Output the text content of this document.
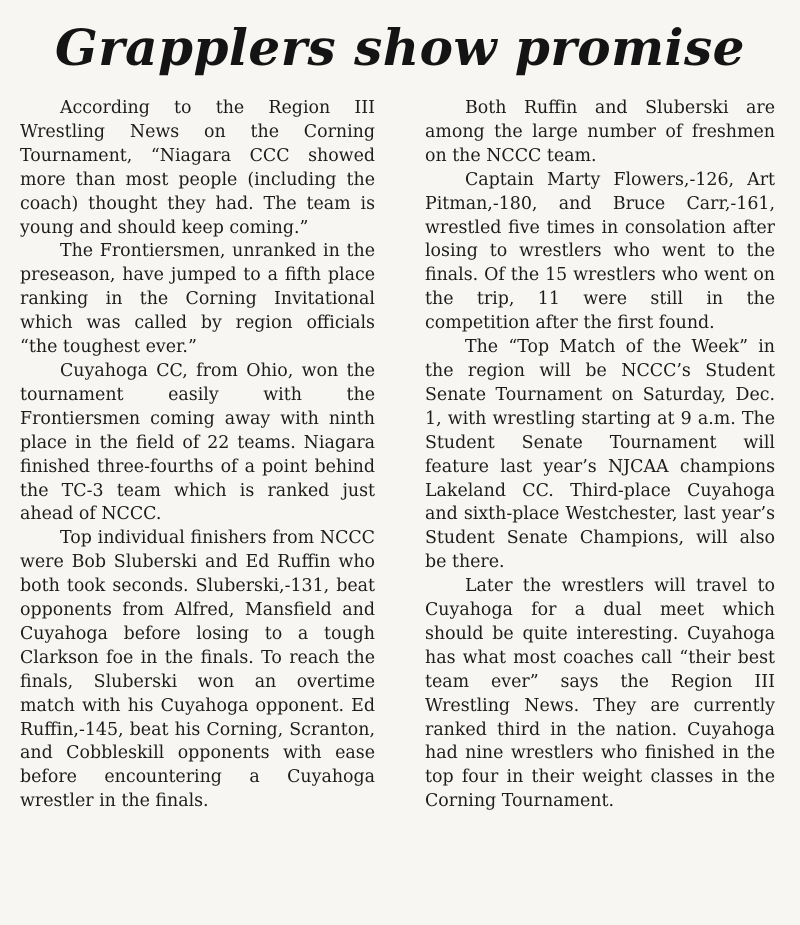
Grapplers show promise

According to the Region III Wrestling News on the Corning Tournament, “Niagara CCC showed more than most people (including the coach) thought they had. The team is young and should keep coming.”

The Frontiersmen, unranked in the preseason, have jumped to a fifth place ranking in the Corning Invitational which was called by region officials “the toughest ever.”

Cuyahoga CC, from Ohio, won the tournament easily with the Frontiersmen coming away with ninth place in the field of 22 teams. Niagara finished three-fourths of a point behind the TC-3 team which is ranked just ahead of NCCC.

Top individual finishers from NCCC were Bob Sluberski and Ed Ruffin who both took seconds. Sluberski,-131, beat opponents from Alfred, Mansfield and Cuyahoga before losing to a tough Clarkson foe in the finals. To reach the finals, Sluberski won an overtime match with his Cuyahoga opponent. Ed Ruffin,-145, beat his Corning, Scranton, and Cobbleskill opponents with ease before encountering a Cuyahoga wrestler in the finals.

Both Ruffin and Sluberski are among the large number of freshmen on the NCCC team.

Captain Marty Flowers,-126, Art Pitman,-180, and Bruce Carr,-161, wrestled five times in consolation after losing to wrestlers who went to the finals. Of the 15 wrestlers who went on the trip, 11 were still in the competition after the first found.

The “Top Match of the Week” in the region will be NCCC’s Student Senate Tournament on Saturday, Dec. 1, with wrestling starting at 9 a.m. The Student Senate Tournament will feature last year’s NJCAA champions Lakeland CC. Third-place Cuyahoga and sixth-place Westchester, last year’s Student Senate Champions, will also be there.

Later the wrestlers will travel to Cuyahoga for a dual meet which should be quite interesting. Cuyahoga has what most coaches call “their best team ever” says the Region III Wrestling News. They are currently ranked third in the nation. Cuyahoga had nine wrestlers who finished in the top four in their weight classes in the Corning Tournament.
